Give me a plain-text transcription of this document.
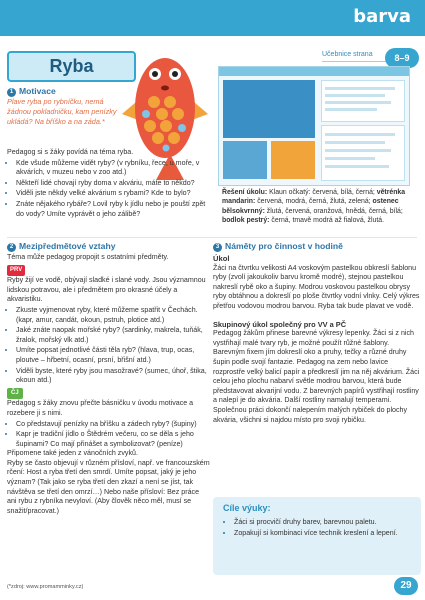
barva
Učebnice strana	8–9
Ryba
1 Motivace
Plave ryba po rybníčku, nemá žádnou pokladničku, kam penízky ukládá? Na bříško a na záda.*
Řešení úkolu: Klaun očkatý: červená, bílá, černá; větrénka mandarin: červená, modrá, černá, žlutá, zelená; ostenec bělsokvrnný: žlutá, červená, oranžová, hnědá, černá, bílá; bodlok pestrý: černá, tmavě modrá až fialová, žlutá.

Pedagog si s žáky povídá na téma ryba.

• Kde všude můžeme vidět ryby? (v rybníku, řece, u moře, v akvárích, v muzeu nebo v zoo atd.)
• Někteří lidé chovají ryby doma v akváriu, máte to někdo?
• Viděli jste někdy velké akvárium s rybami? Kde to bylo?
• Znáte nějakého rybáře? Lovil ryby k jídlu nebo je pouští zpět do vody? Umíte vyprávět o jeho zálibě?
2 Mezipředmětové vztahy

Téma může pedagog propojit s ostatními předměty.

PRV

Ryby žijí ve vodě, obývají sladké i slané vody. Jsou významnou lidskou potravou, ale i předmětem pro okrasné účely a akvaristiku.

• Zkuste vyjmenovat ryby, které můžeme spatřit v Čechách. (kapr, amur, candát, okoun, pstruh, plotice atd.)
• Jaké znáte naopak mořské ryby? (sardinky, makrela, tuňák, žralok, mořský vlk atd.)
• Umíte popsat jednotlivé části těla ryb? (hlava, trup, ocas, ploutve – hřbetní, ocasní, prsní, břišní atd.)
• Viděli byste, které ryby jsou masožravé? (sumec, úhoř, štika, okoun atd.)

ČJ

Pedagog s žáky znovu přečte básničku v úvodu motivace a rozebere ji s nimi.

• Co představují penízky na bříšku a zádech ryby? (šupiny)
• Kapr je tradiční jídlo o Štědrém večeru, co se děla s jeho šupinami? Co mají přinášet a symbolizovat? (peníze)

Připomene také jeden z vánočních zvyků.

Ryby se často objevují v různém přísloví, např. ve francouzském rčení: Host a ryba třetí den smrdí. Umíte popsat, jaký je jeho význam? (Tak jako se ryba třetí den zkazí a není se jíst, tak návštěva se třetí den omrzí…) Nebo naše přísloví: Bez práce ani rybu z rybníka nevyloví. (Aby člověk něco měl, musí se snažit/pracovat.)

3 Náměty pro činnost v hodině

Úkol

Žáci na čtvrtku velikosti A4 voskovým pastelkou obkreslí šablonu ryby (zvolí jakoukoliv barvu kromě modré), stejnou pastelkou nakreslí rybě oko a šupiny. Modrou voskovou pastelkou obrysy ryby obtáhnou a dokreslí po ploše čtvrtky vodní vlnky. Celý výkres přetřou vodovou modrou barvou. Ryba tak bude plavat ve vodě.

Skupinový úkol společný pro VV a PČ

Pedagog žákům přinese barevné výkresy lepenky. Žáci si z nich vystřihají malé tvary ryb, je možné použít růžné šablony. Barevným fixem jím dokreslí oko a pruhy, tečky a různé druhy šupin podle svojí fantazie. Pedagog na zem nebo lavice rozprostře velký balicí papír a předkreslí jim na něj akvárium. Žáci celou jeho plochu nabarví světle modrou barvou, která bude představovat akvarijní vodu. Z barevných papírů vystřihají rostliny a nalepí je do akvária. Další rostliny namalují temperami. Společnou práci dokončí nalepením malých rybiček do plochy akvária, všichni si najdou místo pro svoji rybičku.

Cíle výuky:
• Žáci si procvičí druhy barev, barevnou paletu.
• Zopakují si kombinaci více technik kreslení a lepení.
(*zdroj: www.promamminky.cz)	29
